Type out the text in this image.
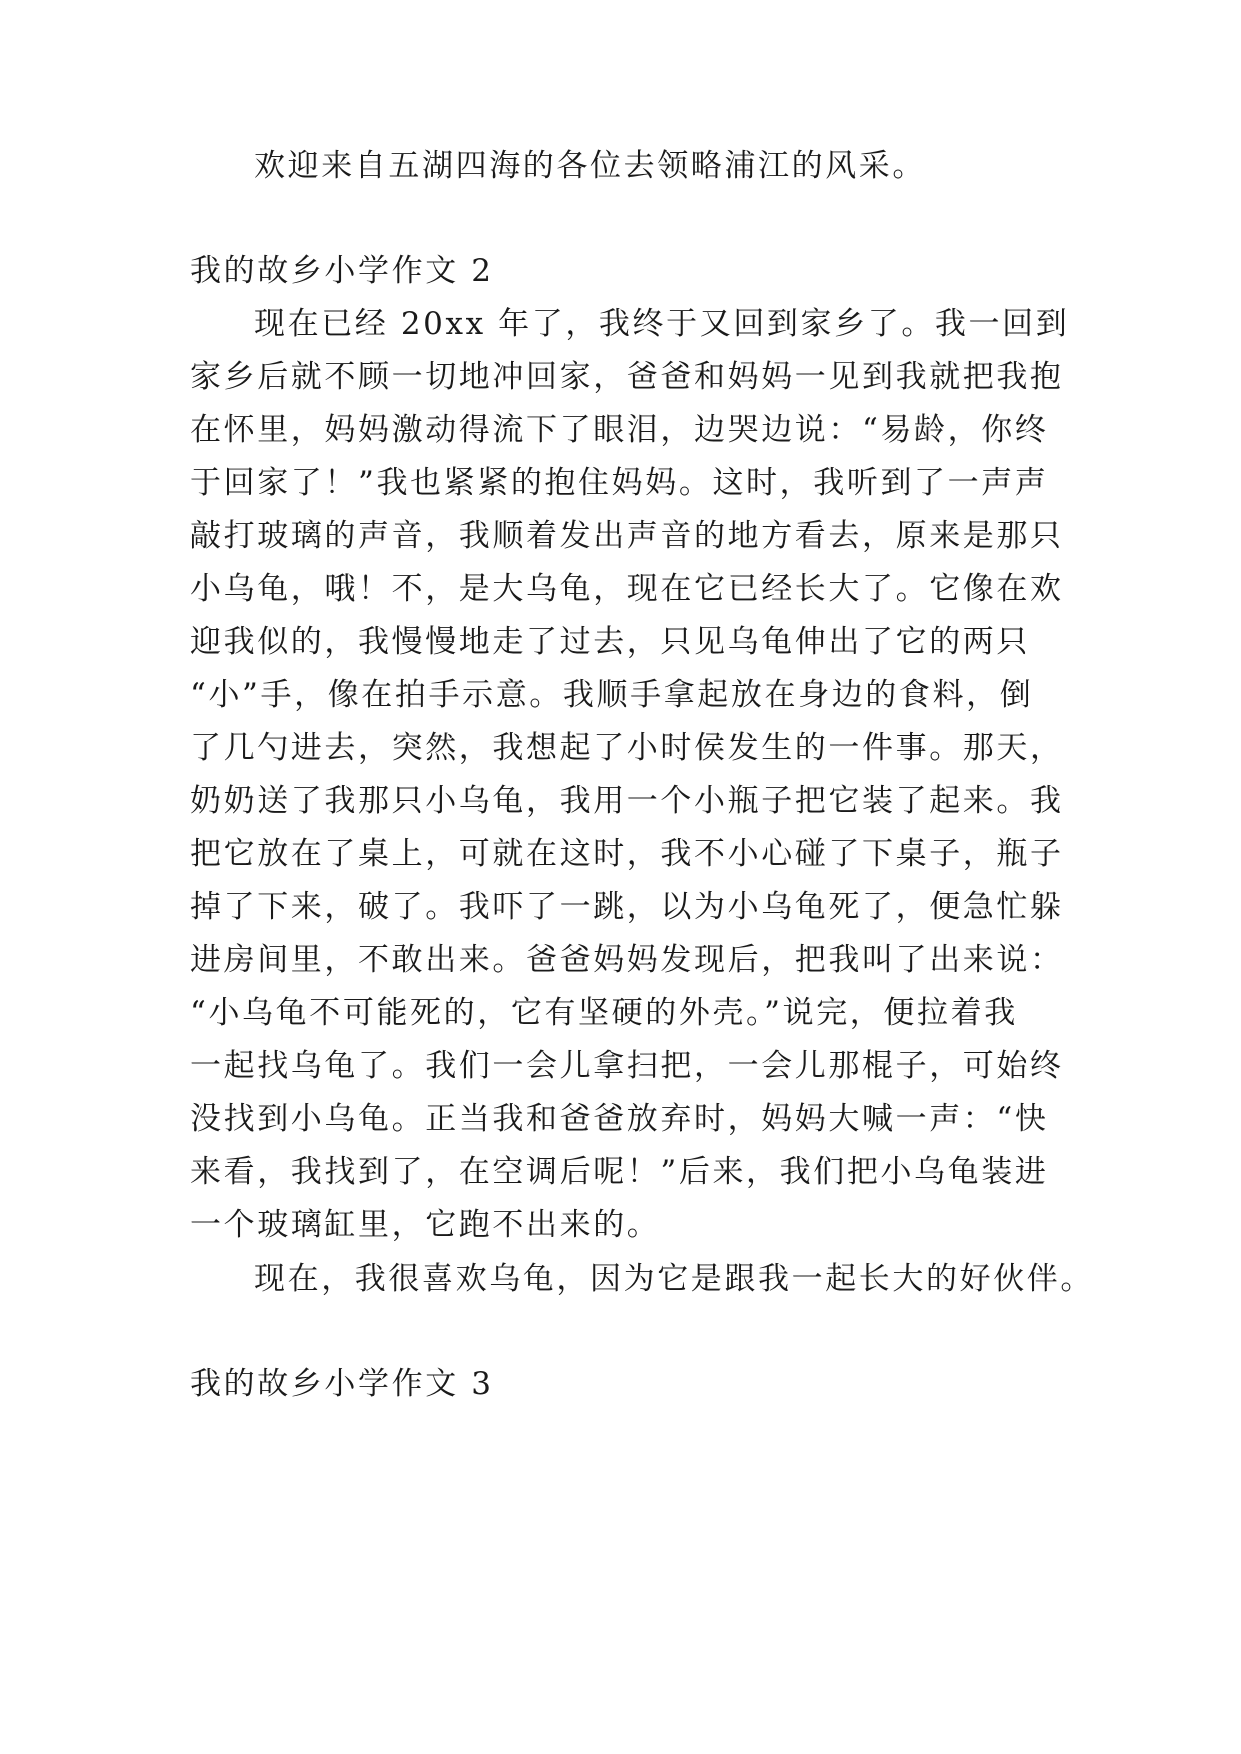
欢迎来自五湖四海的各位去领略浦江的风采。

我的故乡小学作文 2

现在已经 20xx 年了，我终于又回到家乡了。我一回到

家乡后就不顾一切地冲回家，爸爸和妈妈一见到我就把我抱

在怀里，妈妈激动得流下了眼泪，边哭边说：“易龄，你终

于回家了！”我也紧紧的抱住妈妈。这时，我听到了一声声

敲打玻璃的声音，我顺着发出声音的地方看去，原来是那只

小乌龟，哦！不，是大乌龟，现在它已经长大了。它像在欢

迎我似的，我慢慢地走了过去，只见乌龟伸出了它的两只

“小”手，像在拍手示意。我顺手拿起放在身边的食料，倒

了几勺进去，突然，我想起了小时侯发生的一件事。那天，

奶奶送了我那只小乌龟，我用一个小瓶子把它装了起来。我

把它放在了桌上，可就在这时，我不小心碰了下桌子，瓶子

掉了下来，破了。我吓了一跳，以为小乌龟死了，便急忙躲

进房间里，不敢出来。爸爸妈妈发现后，把我叫了出来说：

“小乌龟不可能死的，它有坚硬的外壳。”说完，便拉着我

一起找乌龟了。我们一会儿拿扫把，一会儿那棍子，可始终

没找到小乌龟。正当我和爸爸放弃时，妈妈大喊一声：“快

来看，我找到了，在空调后呢！”后来，我们把小乌龟装进

一个玻璃缸里，它跑不出来的。

现在，我很喜欢乌龟，因为它是跟我一起长大的好伙伴。

我的故乡小学作文 3
